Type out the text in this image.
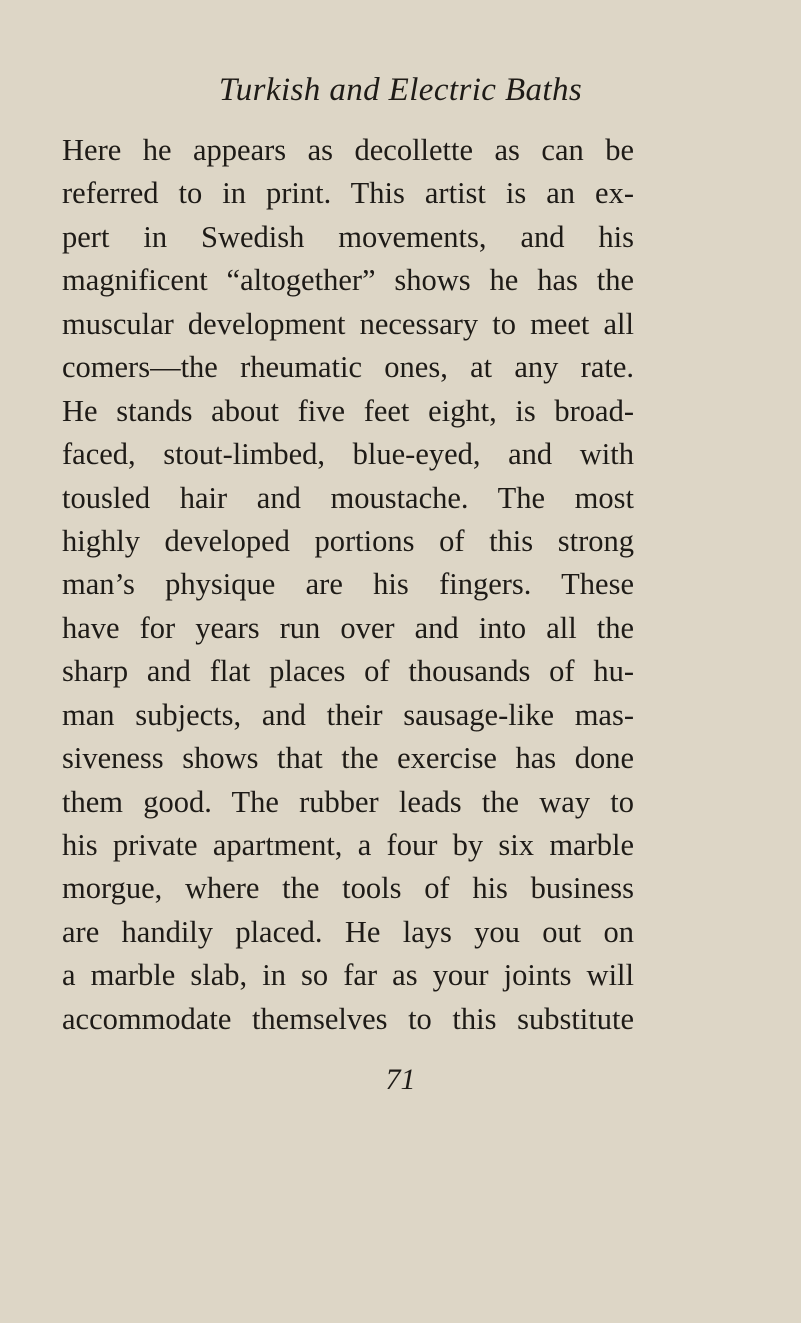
Turkish and Electric Baths
Here he appears as decollette as can be
referred to in print. This artist is an ex-
pert in Swedish movements, and his
magnificent “altogether” shows he has the
muscular development necessary to meet all
comers—the rheumatic ones, at any rate.
He stands about five feet eight, is broad-
faced, stout-limbed, blue-eyed, and with
tousled hair and moustache. The most
highly developed portions of this strong
man’s physique are his fingers. These
have for years run over and into all the
sharp and flat places of thousands of hu-
man subjects, and their sausage-like mas-
siveness shows that the exercise has done
them good. The rubber leads the way to
his private apartment, a four by six marble
morgue, where the tools of his business
are handily placed. He lays you out on
a marble slab, in so far as your joints will
accommodate themselves to this substitute
71
